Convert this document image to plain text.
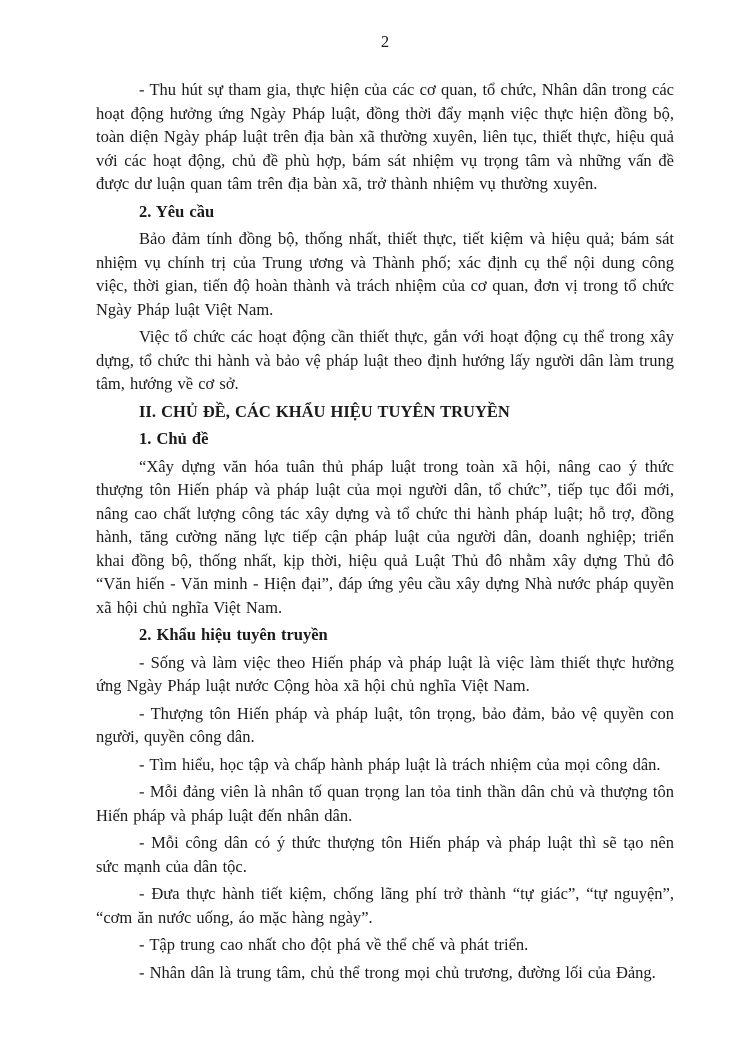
2

- Thu hút sự tham gia, thực hiện của các cơ quan, tổ chức, Nhân dân trong các hoạt động hưởng ứng Ngày Pháp luật, đồng thời đẩy mạnh việc thực hiện đồng bộ, toàn diện Ngày pháp luật trên địa bàn xã thường xuyên, liên tục, thiết thực, hiệu quả với các hoạt động, chủ đề phù hợp, bám sát nhiệm vụ trọng tâm và những vấn đề được dư luận quan tâm trên địa bàn xã, trở thành nhiệm vụ thường xuyên.

2. Yêu cầu

Bảo đảm tính đồng bộ, thống nhất, thiết thực, tiết kiệm và hiệu quả; bám sát nhiệm vụ chính trị của Trung ương và Thành phố; xác định cụ thể nội dung công việc, thời gian, tiến độ hoàn thành và trách nhiệm của cơ quan, đơn vị trong tổ chức Ngày Pháp luật Việt Nam.

Việc tổ chức các hoạt động cần thiết thực, gắn với hoạt động cụ thể trong xây dựng, tổ chức thi hành và bảo vệ pháp luật theo định hướng lấy người dân làm trung tâm, hướng về cơ sở.

II. CHỦ ĐỀ, CÁC KHẨU HIỆU TUYÊN TRUYỀN

1. Chủ đề

“Xây dựng văn hóa tuân thủ pháp luật trong toàn xã hội, nâng cao ý thức thượng tôn Hiến pháp và pháp luật của mọi người dân, tổ chức”, tiếp tục đổi mới, nâng cao chất lượng công tác xây dựng và tổ chức thi hành pháp luật; hỗ trợ, đồng hành, tăng cường năng lực tiếp cận pháp luật của người dân, doanh nghiệp; triển khai đồng bộ, thống nhất, kịp thời, hiệu quả Luật Thủ đô nhằm xây dựng Thủ đô “Văn hiến - Văn minh - Hiện đại”, đáp ứng yêu cầu xây dựng Nhà nước pháp quyền xã hội chủ nghĩa Việt Nam.

2. Khẩu hiệu tuyên truyền

- Sống và làm việc theo Hiến pháp và pháp luật là việc làm thiết thực hưởng ứng Ngày Pháp luật nước Cộng hòa xã hội chủ nghĩa Việt Nam.

- Thượng tôn Hiến pháp và pháp luật, tôn trọng, bảo đảm, bảo vệ quyền con người, quyền công dân.

- Tìm hiểu, học tập và chấp hành pháp luật là trách nhiệm của mọi công dân.

- Mỗi đảng viên là nhân tố quan trọng lan tỏa tinh thần dân chủ và thượng tôn Hiến pháp và pháp luật đến nhân dân.

- Mỗi công dân có ý thức thượng tôn Hiến pháp và pháp luật thì sẽ tạo nên sức mạnh của dân tộc.

- Đưa thực hành tiết kiệm, chống lãng phí trở thành “tự giác”, “tự nguyện”, “cơm ăn nước uống, áo mặc hàng ngày”.

- Tập trung cao nhất cho đột phá về thể chế và phát triển.

- Nhân dân là trung tâm, chủ thể trong mọi chủ trương, đường lối của Đảng.
